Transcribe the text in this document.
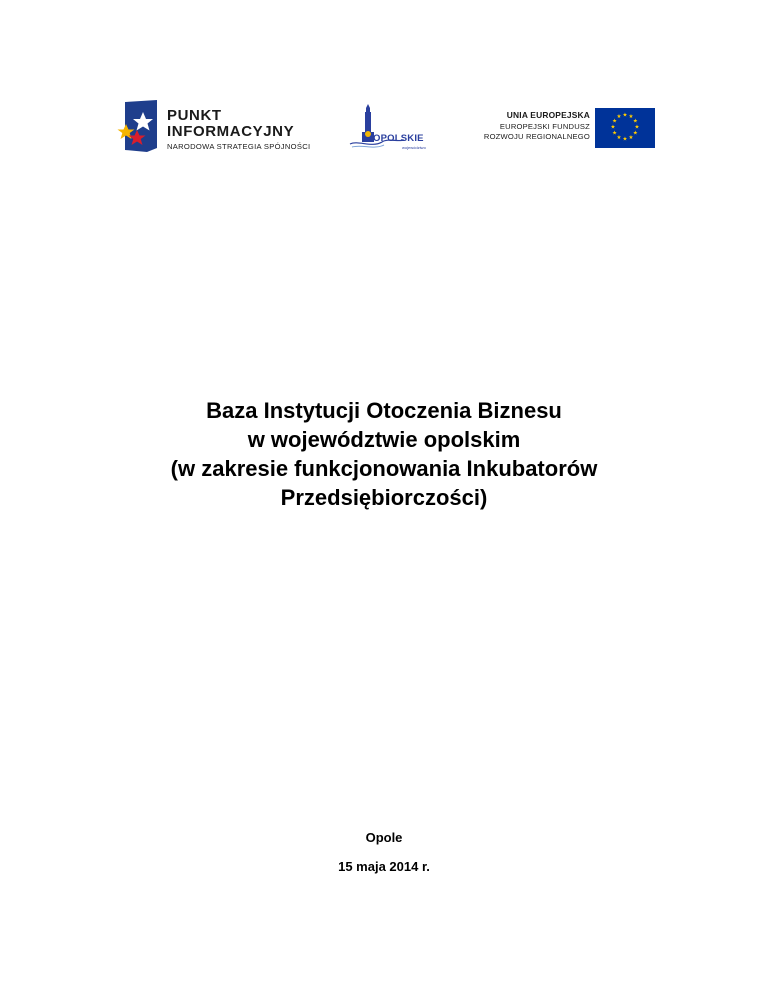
PUNKT
INFORMACYJNY
NARODOWA STRATEGIA SPÓJNOŚCI
OPOLSKIE
województwo
UNIA EUROPEJSKA
EUROPEJSKI FUNDUSZ
ROZWOJU REGIONALNEGO
★ ★
★
★
★
★
★
★
★
★
★
★
Baza Instytucji Otoczenia Biznesu
w województwie opolskim
(w zakresie funkcjonowania Inkubatorów
Przedsiębiorczości)
Opole
15 maja 2014 r.
